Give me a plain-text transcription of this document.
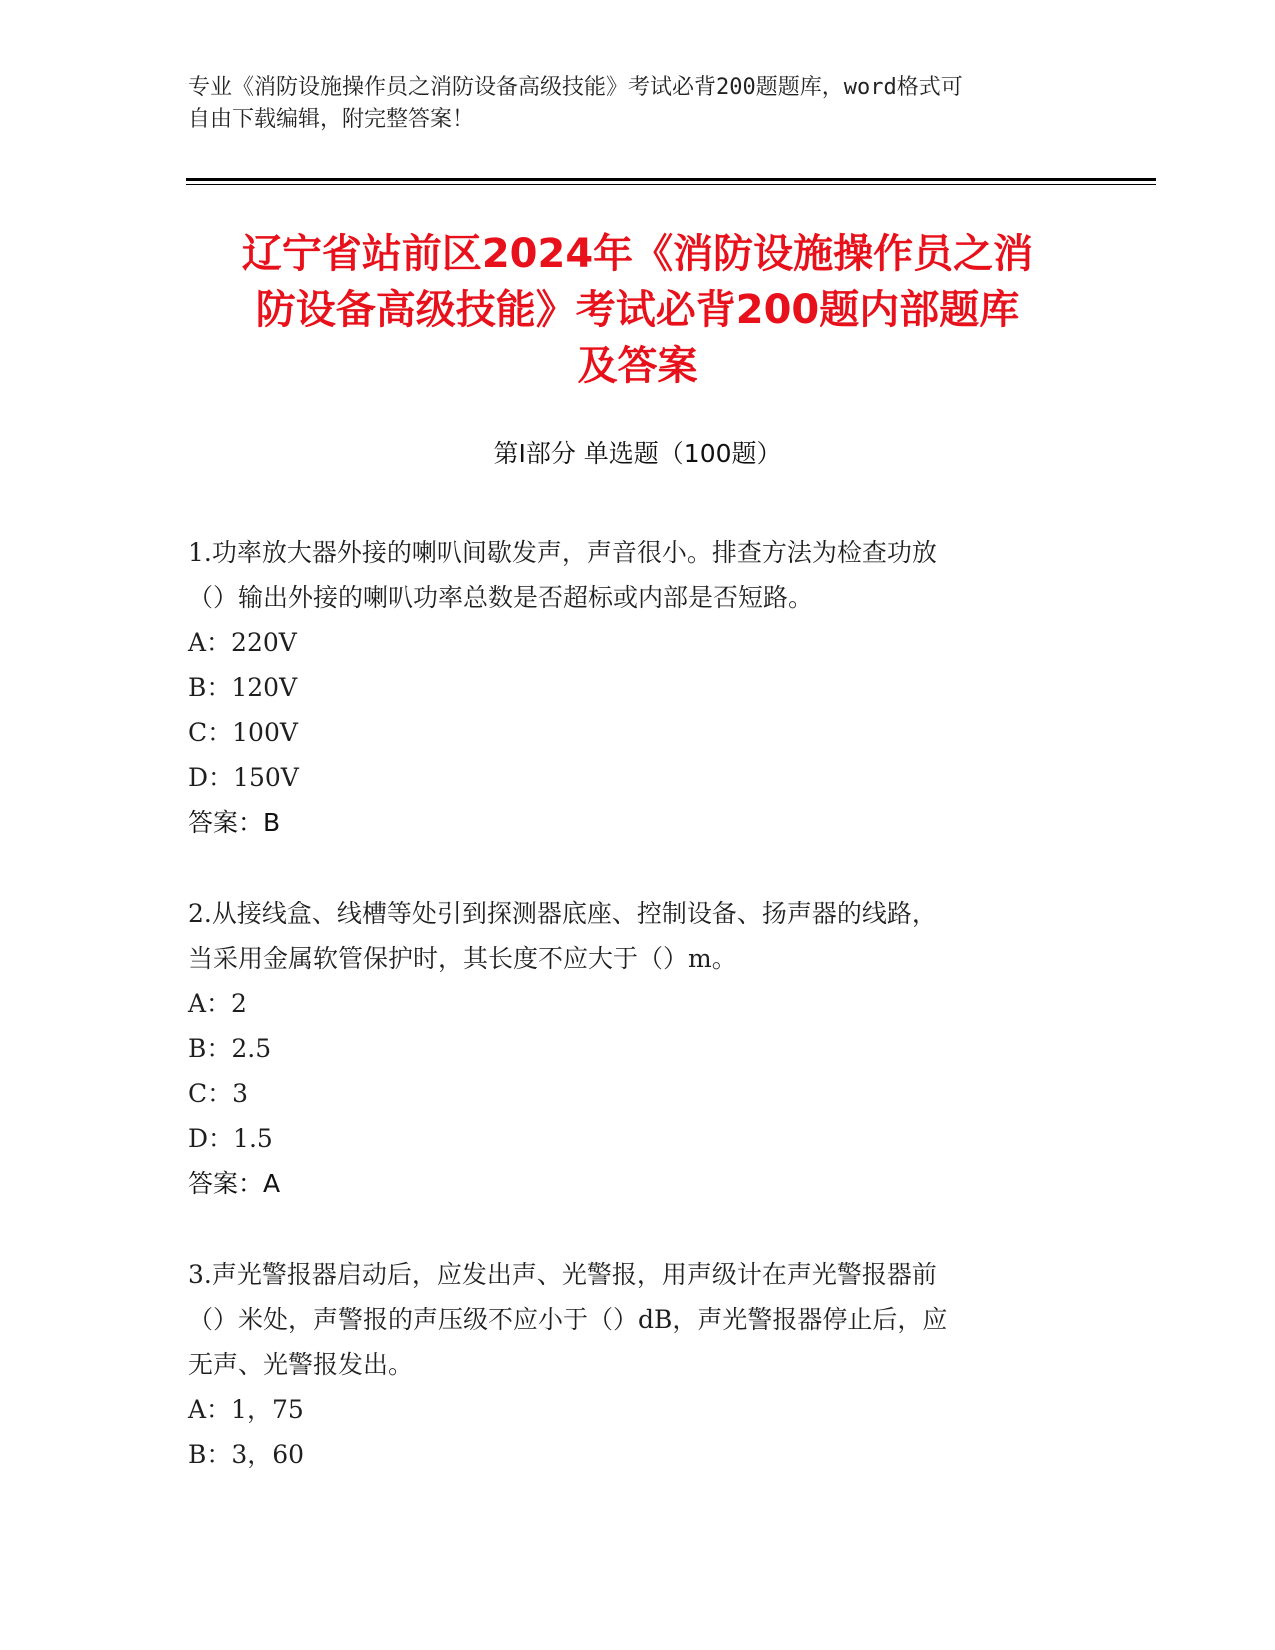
专业《消防设施操作员之消防设备高级技能》考试必背200题题库，word格式可
自由下载编辑，附完整答案！
辽宁省站前区2024年《消防设施操作员之消
防设备高级技能》考试必背200题内部题库
及答案
第Ⅰ部分 单选题（100题）
1.功率放大器外接的喇叭间歇发声，声音很小。排查方法为检查功放
（）输出外接的喇叭功率总数是否超标或内部是否短路。
A：220V
B：120V
C：100V
D：150V
答案：B
2.从接线盒、线槽等处引到探测器底座、控制设备、扬声器的线路，
当采用金属软管保护时，其长度不应大于（）m。
A：2
B：2.5
C：3
D：1.5
答案：A
3.声光警报器启动后，应发出声、光警报，用声级计在声光警报器前
（）米处，声警报的声压级不应小于（）dB，声光警报器停止后，应
无声、光警报发出。
A：1，75
B：3，60
